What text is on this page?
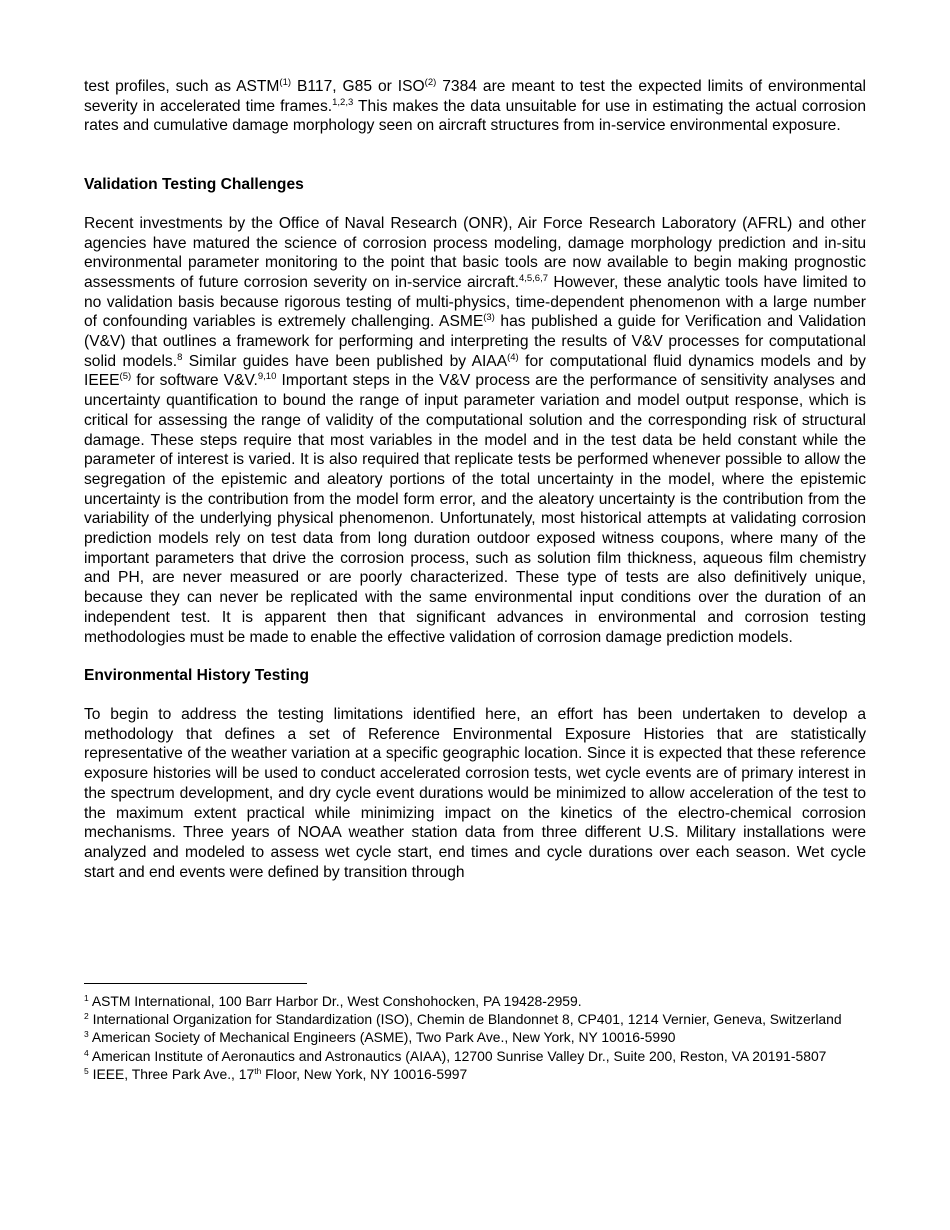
test profiles, such as ASTM$^{(1)}$ B117, G85 or ISO$^{(2)}$ 7384 are meant to test the expected limits of environmental severity in accelerated time frames.$^{1,2,3}$ This makes the data unsuitable for use in estimating the actual corrosion rates and cumulative damage morphology seen on aircraft structures from in-service environmental exposure.

Validation Testing Challenges

Recent investments by the Office of Naval Research (ONR), Air Force Research Laboratory (AFRL) and other agencies have matured the science of corrosion process modeling, damage morphology prediction and in-situ environmental parameter monitoring to the point that basic tools are now available to begin making prognostic assessments of future corrosion severity on in-service aircraft.$^{4,5,6,7}$ However, these analytic tools have limited to no validation basis because rigorous testing of multi-physics, time-dependent phenomenon with a large number of confounding variables is extremely challenging. ASME$^{(3)}$ has published a guide for Verification and Validation (V&V) that outlines a framework for performing and interpreting the results of V&V processes for computational solid models.$^8$ Similar guides have been published by AIAA$^{(4)}$ for computational fluid dynamics models and by IEEE$^{(5)}$ for software V&V.$^{9,10}$ Important steps in the V&V process are the performance of sensitivity analyses and uncertainty quantification to bound the range of input parameter variation and model output response, which is critical for assessing the range of validity of the computational solution and the corresponding risk of structural damage. These steps require that most variables in the model and in the test data be held constant while the parameter of interest is varied. It is also required that replicate tests be performed whenever possible to allow the segregation of the epistemic and aleatory portions of the total uncertainty in the model, where the epistemic uncertainty is the contribution from the model form error, and the aleatory uncertainty is the contribution from the variability of the underlying physical phenomenon. Unfortunately, most historical attempts at validating corrosion prediction models rely on test data from long duration outdoor exposed witness coupons, where many of the important parameters that drive the corrosion process, such as solution film thickness, aqueous film chemistry and PH, are never measured or are poorly characterized. These type of tests are also definitively unique, because they can never be replicated with the same environmental input conditions over the duration of an independent test. It is apparent then that significant advances in environmental and corrosion testing methodologies must be made to enable the effective validation of corrosion damage prediction models.

Environmental History Testing

To begin to address the testing limitations identified here, an effort has been undertaken to develop a methodology that defines a set of Reference Environmental Exposure Histories that are statistically representative of the weather variation at a specific geographic location. Since it is expected that these reference exposure histories will be used to conduct accelerated corrosion tests, wet cycle events are of primary interest in the spectrum development, and dry cycle event durations would be minimized to allow acceleration of the test to the maximum extent practical while minimizing impact on the kinetics of the electro-chemical corrosion mechanisms. Three years of NOAA weather station data from three different U.S. Military installations were analyzed and modeled to assess wet cycle start, end times and cycle durations over each season. Wet cycle start and end events were defined by transition through

$^1$ ASTM International, 100 Barr Harbor Dr., West Conshohocken, PA 19428-2959.

$^2$ International Organization for Standardization (ISO), Chemin de Blandonnet 8, CP401, 1214 Vernier, Geneva, Switzerland

$^3$ American Society of Mechanical Engineers (ASME), Two Park Ave., New York, NY 10016-5990

$^4$ American Institute of Aeronautics and Astronautics (AIAA), 12700 Sunrise Valley Dr., Suite 200, Reston, VA 20191-5807

$^5$ IEEE, Three Park Ave., 17th Floor, New York, NY 10016-5997
